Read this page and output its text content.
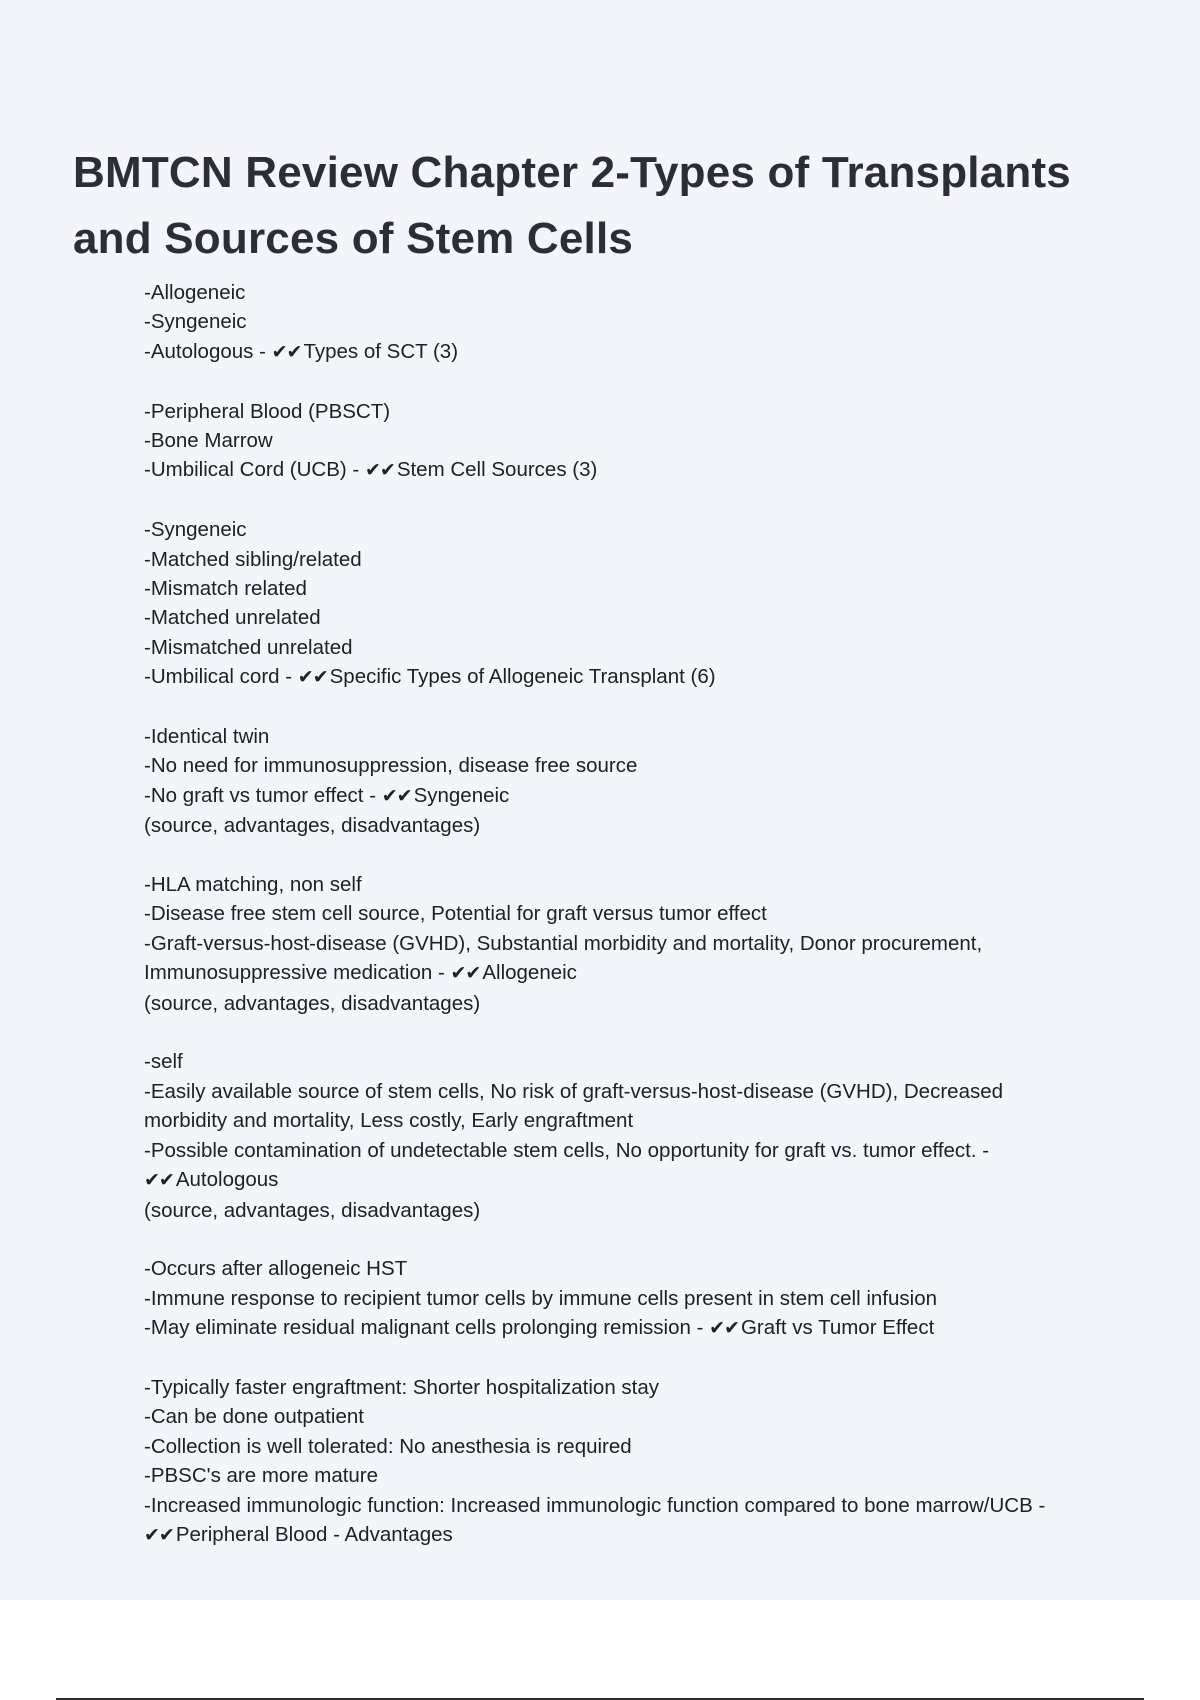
BMTCN Review Chapter 2-Types of Transplants and Sources of Stem Cells
-Allogeneic
-Syngeneic
-Autologous - ✔✔Types of SCT (3)
-Peripheral Blood (PBSCT)
-Bone Marrow
-Umbilical Cord (UCB) - ✔✔Stem Cell Sources (3)
-Syngeneic
-Matched sibling/related
-Mismatch related
-Matched unrelated
-Mismatched unrelated
-Umbilical cord - ✔✔Specific Types of Allogeneic Transplant (6)
-Identical twin
-No need for immunosuppression, disease free source
-No graft vs tumor effect - ✔✔Syngeneic
(source, advantages, disadvantages)
-HLA matching, non self
-Disease free stem cell source, Potential for graft versus tumor effect
-Graft-versus-host-disease (GVHD), Substantial morbidity and mortality, Donor procurement,
Immunosuppressive medication - ✔✔Allogeneic
(source, advantages, disadvantages)
-self
-Easily available source of stem cells, No risk of graft-versus-host-disease (GVHD), Decreased
morbidity and mortality, Less costly, Early engraftment
-Possible contamination of undetectable stem cells, No opportunity for graft vs. tumor effect. -
✔✔Autologous
(source, advantages, disadvantages)
-Occurs after allogeneic HST
-Immune response to recipient tumor cells by immune cells present in stem cell infusion
-May eliminate residual malignant cells prolonging remission - ✔✔Graft vs Tumor Effect
-Typically faster engraftment: Shorter hospitalization stay
-Can be done outpatient
-Collection is well tolerated: No anesthesia is required
-PBSC's are more mature
-Increased immunologic function: Increased immunologic function compared to bone marrow/UCB -
✔✔Peripheral Blood - Advantages
